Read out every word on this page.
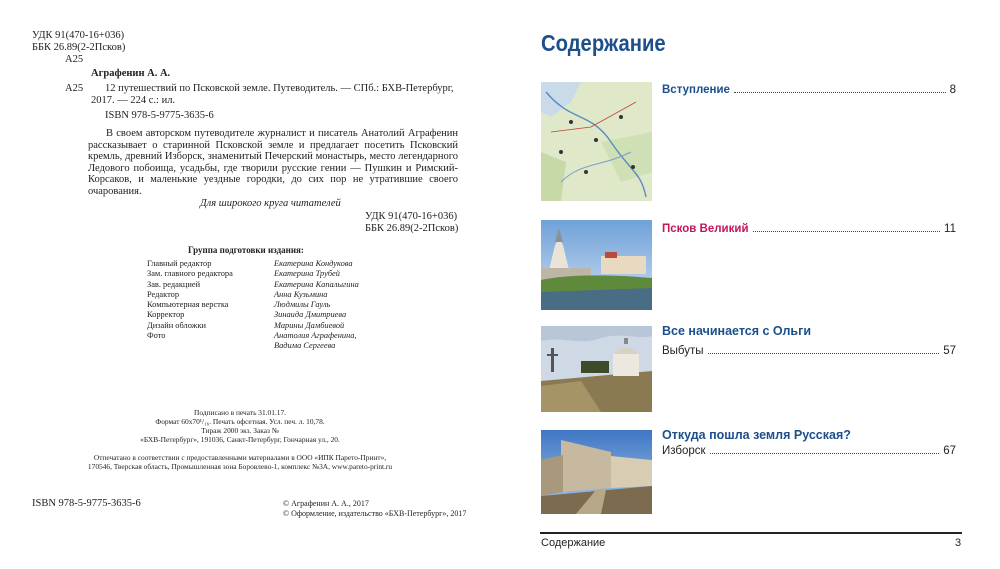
УДК 91(470-16+036)
ББК 26.89(2-2Псков)
А25
Аграфенин А. А.
А25 12 путешествий по Псковской земле. Путеводитель. — СПб.: БХВ-Петербург,
2017. — 224 с.: ил.
ISBN 978-5-9775-3635-6
В своем авторском путеводителе журналист и писатель Анатолий Аграфенин рассказывает о старинной Псковской земле и предлагает посетить Псковский кремль, древний Изборск, знаменитый Печерский монастырь, место легендарного Ледового побоища, усадьбы, где творили русские гении — Пушкин и Римский-Корсаков, и маленькие уездные городки, до сих пор не утратившие своего очарования.
Для широкого круга читателей
УДК 91(470-16+036)
ББК 26.89(2-2Псков)
Группа подготовки издания:
Главный редактор	Екатерина Кондукова
Зам. главного редактора	Екатерина Трубей
Зав. редакцией	Екатерина Капалыгина
Редактор	Анна Кузьмина
Компьютерная верстка	Людмилы Гауль
Корректор	Зинаида Дмитриева
Дизайн обложки	Марины Дамбиевой
Фото	Анатолия Аграфенина,
Вадима Сергеева
Подписано в печать 31.01.17.
Формат 60x70¹/₁₆. Печать офсетная. Усл. печ. л. 10,78.
Тираж 2000 экз. Заказ №
«БХВ-Петербург», 191036, Санкт-Петербург, Гончарная ул., 20.
Отпечатано в соответствии с предоставленными материалами в ООО «ИПК Парето-Принт»,
170546, Тверская область, Промышленная зона Боровлево-1, комплекс №3А, www.pareto-print.ru
ISBN 978-5-9775-3635-6	© Аграфенин А. А., 2017
© Оформление, издательство «БХВ-Петербург», 2017
Содержание
Вступление	8
Псков Великий	11
Все начинается с Ольги
Выбуты	57
Откуда пошла земля Русская?
Изборск	67
Содержание	3
